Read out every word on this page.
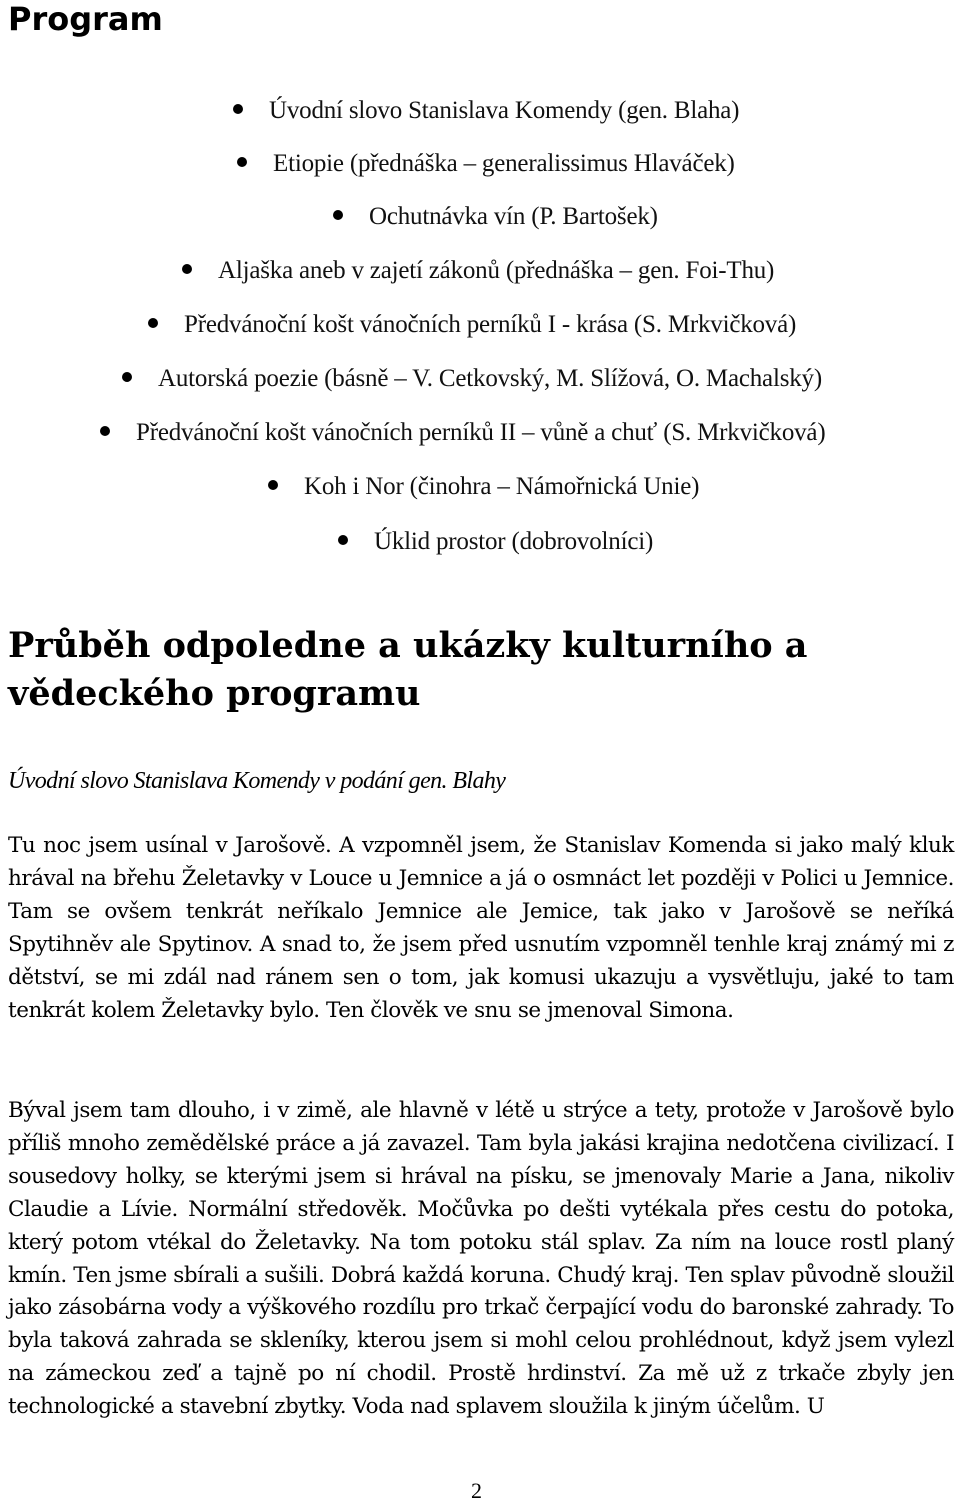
Program
Úvodní slovo Stanislava Komendy (gen. Blaha)
Etiopie (přednáška – generalissimus Hlaváček)
Ochutnávka vín (P. Bartošek)
Aljaška aneb v zajetí zákonů (přednáška – gen. Foi-Thu)
Předvánoční košt vánočních perníků I - krása (S. Mrkvičková)
Autorská poezie (básně – V. Cetkovský, M. Slížová, O. Machalský)
Předvánoční košt vánočních perníků II – vůně a chuť (S. Mrkvičková)
Koh i Nor (činohra – Námořnická Unie)
Úklid prostor (dobrovolníci)
Průběh odpoledne a ukázky kulturního a vědeckého programu

Úvodní slovo Stanislava Komendy v podání gen. Blahy

Tu noc jsem usínal v Jarošově. A vzpomněl jsem, že Stanislav Komenda si jako malý kluk hrával na břehu Želetavky v Louce u Jemnice a já o osmnáct let později v Polici u Jemnice. Tam se ovšem tenkrát neříkalo Jemnice ale Jemice, tak jako v Jarošově se neříká Spytihněv ale Spytinov. A snad to, že jsem před usnutím vzpomněl tenhle kraj známý mi z dětství, se mi zdál nad ránem sen o tom, jak komusi ukazuju a vysvětluju, jaké to tam tenkrát kolem Želetavky bylo. Ten člověk ve snu se jmenoval Simona.

Býval jsem tam dlouho, i v zimě, ale hlavně v létě u strýce a tety, protože v Jarošově bylo příliš mnoho zemědělské práce a já zavazel. Tam byla jakási krajina nedotčena civilizací. I sousedovy holky, se kterými jsem si hrával na písku, se jmenovaly Marie a Jana, nikoliv Claudie a Lívie. Normální středověk. Močůvka po dešti vytékala přes cestu do potoka, který potom vtékal do Želetavky. Na tom potoku stál splav. Za ním na louce rostl planý kmín. Ten jsme sbírali a sušili. Dobrá každá koruna. Chudý kraj. Ten splav původně sloužil jako zásobárna vody a výškového rozdílu pro trkač čerpající vodu do baronské zahrady. To byla taková zahrada se skleníky, kterou jsem si mohl celou prohlédnout, když jsem vylezl na zámeckou zeď a tajně po ní chodil. Prostě hrdinství. Za mě už z trkače zbyly jen technologické a stavební zbytky. Voda nad splavem sloužila k jiným účelům. U

2
